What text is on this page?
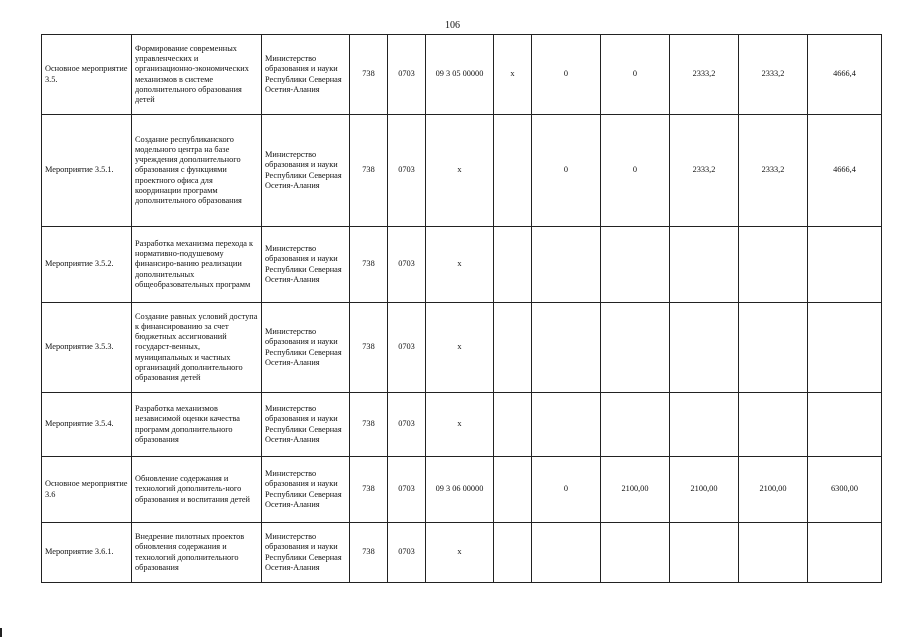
106
Основное мероприятие 3.5.	Формирование современных управленческих и организационно-экономических механизмов в системе дополнительного образования детей	Министерство образования и науки Республики Северная Осетия-Алания	738	0703	09 3 05 00000	x	0	0	2333,2	2333,2	4666,4
Мероприятие 3.5.1.	Создание республиканского модельного центра на базе учреждения дополнительного образования с функциями проектного офиса для координации программ дополнительного образования	Министерство образования и науки Республики Северная Осетия-Алания	738	0703	x		0	0	2333,2	2333,2	4666,4
Мероприятие 3.5.2.	Разработка механизма перехода к нормативно-подушевому финансиро-ванию реализации дополнительных общеобразовательных программ	Министерство образования и науки Республики Северная Осетия-Алания	738	0703	x						
Мероприятие 3.5.3.	Создание равных условий доступа к финансированию за счет бюджетных ассигнований государст-венных, муниципальных и частных организаций дополнительного образования детей	Министерство образования и науки Республики Северная Осетия-Алания	738	0703	x						
Мероприятие 3.5.4.	Разработка механизмов независимой оценки качества программ дополнительного образования	Министерство образования и науки Республики Северная Осетия-Алания	738	0703	x						
Основное мероприятие 3.6	Обновление содержания и технологий дополнитель-ного образования и воспитания детей	Министерство образования и науки Республики Северная Осетия-Алания	738	0703	09 3 06 00000		0	2100,00	2100,00	2100,00	6300,00
Мероприятие 3.6.1.	Внедрение пилотных проектов обновления содержания и технологий дополнительного образования	Министерство образования и науки Республики Северная Осетия-Алания	738	0703	x						
